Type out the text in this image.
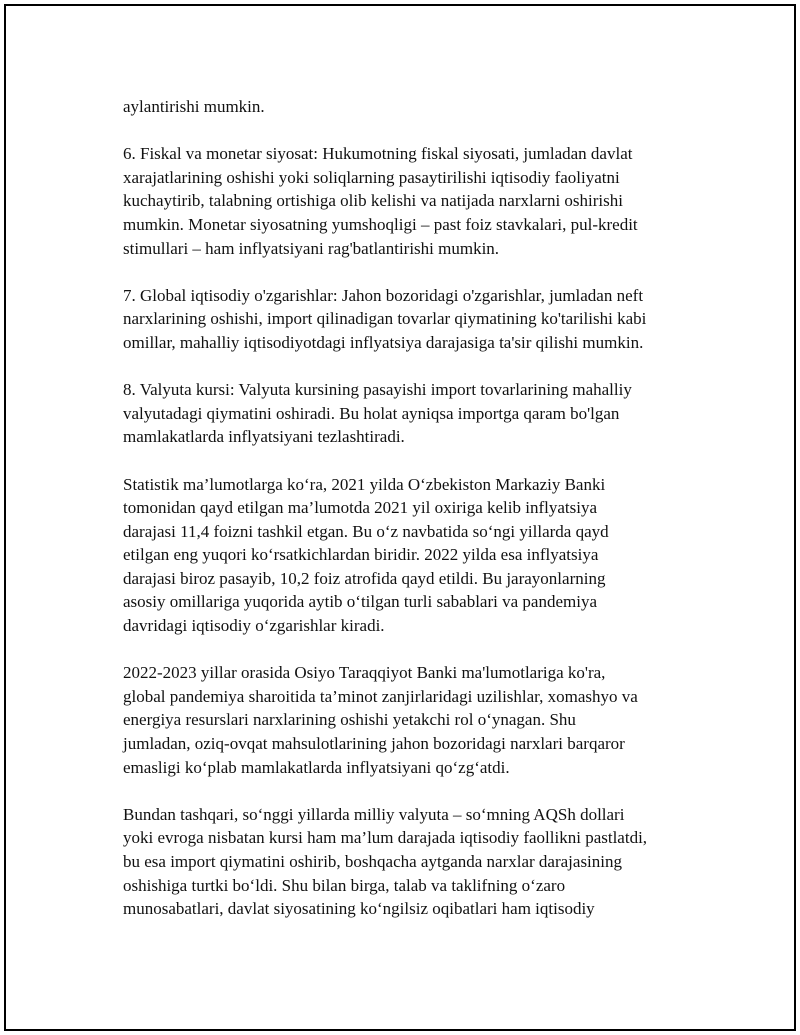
aylantirishi mumkin.

6. Fiskal va monetar siyosat: Hukumotning fiskal siyosati, jumladan davlat
xarajatlarining oshishi yoki soliqlarning pasaytirilishi iqtisodiy faoliyatni
kuchaytirib, talabning ortishiga olib kelishi va natijada narxlarni oshirishi
mumkin. Monetar siyosatning yumshoqligi – past foiz stavkalari, pul-kredit
stimullari – ham inflyatsiyani rag'batlantirishi mumkin.

7. Global iqtisodiy o'zgarishlar: Jahon bozoridagi o'zgarishlar, jumladan neft
narxlarining oshishi, import qilinadigan tovarlar qiymatining ko'tarilishi kabi
omillar, mahalliy iqtisodiyotdagi inflyatsiya darajasiga ta'sir qilishi mumkin.

8. Valyuta kursi: Valyuta kursining pasayishi import tovarlarining mahalliy
valyutadagi qiymatini oshiradi. Bu holat ayniqsa importga qaram bo'lgan
mamlakatlarda inflyatsiyani tezlashtiradi.

Statistik ma’lumotlarga ko‘ra, 2021 yilda O‘zbekiston Markaziy Banki
tomonidan qayd etilgan ma’lumotda 2021 yil oxiriga kelib inflyatsiya
darajasi 11,4 foizni tashkil etgan. Bu o‘z navbatida so‘ngi yillarda qayd
etilgan eng yuqori ko‘rsatkichlardan biridir. 2022 yilda esa inflyatsiya
darajasi biroz pasayib, 10,2 foiz atrofida qayd etildi. Bu jarayonlarning
asosiy omillariga yuqorida aytib o‘tilgan turli sabablari va pandemiya
davridagi iqtisodiy o‘zgarishlar kiradi.

2022-2023 yillar orasida Osiyo Taraqqiyot Banki ma'lumotlariga ko'ra,
global pandemiya sharoitida ta’minot zanjirlaridagi uzilishlar, xomashyo va
energiya resurslari narxlarining oshishi yetakchi rol o‘ynagan. Shu
jumladan, oziq-ovqat mahsulotlarining jahon bozoridagi narxlari barqaror
emasligi ko‘plab mamlakatlarda inflyatsiyani qo‘zg‘atdi.

Bundan tashqari, so‘nggi yillarda milliy valyuta – so‘mning AQSh dollari
yoki evroga nisbatan kursi ham ma’lum darajada iqtisodiy faollikni pastlatdi,
bu esa import qiymatini oshirib, boshqacha aytganda narxlar darajasining
oshishiga turtki bo‘ldi. Shu bilan birga, talab va taklifning o‘zaro
munosabatlari, davlat siyosatining ko‘ngilsiz oqibatlari ham iqtisodiy
